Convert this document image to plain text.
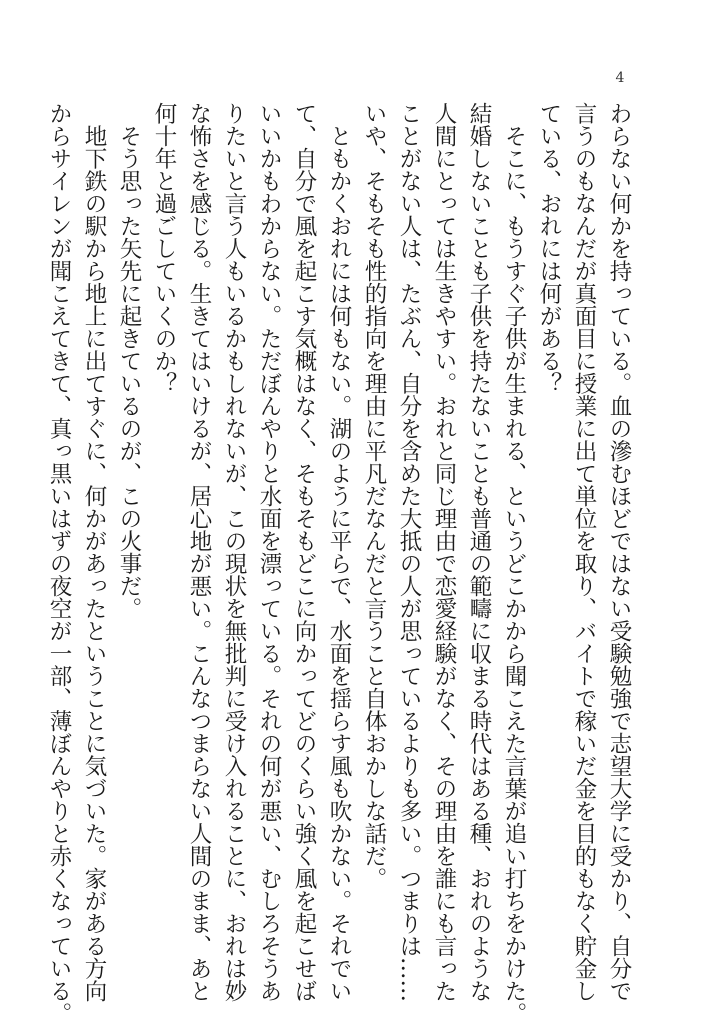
4
わらない何かを持っている。血の滲むほどではない受験勉強で志望大学に受かり、自分で
言うのもなんだが真面目に授業に出て単位を取り、バイトで稼いだ金を目的もなく貯金し
ている、おれには何がある？
　そこに、もうすぐ子供が生まれる、というどこかから聞こえた言葉が追い打ちをかけた。
結婚しないことも子供を持たないことも普通の範疇に収まる時代はある種、おれのような
人間にとっては生きやすい。おれと同じ理由で恋愛経験がなく、その理由を誰にも言った
ことがない人は、たぶん、自分を含めた大抵の人が思っているよりも多い。つまりは……
いや、そもそも性的指向を理由に平凡だなんだと言うこと自体おかしな話だ。
　ともかくおれには何もない。湖のように平らで、水面を揺らす風も吹かない。それでい
て、自分で風を起こす気概はなく、そもそもどこに向かってどのくらい強く風を起こせば
いいかもわからない。ただぼんやりと水面を漂っている。それの何が悪い、むしろそうあ
りたいと言う人もいるかもしれないが、この現状を無批判に受け入れることに、おれは妙
な怖さを感じる。生きてはいけるが、居心地が悪い。こんなつまらない人間のまま、あと
何十年と過ごしていくのか？
　そう思った矢先に起きているのが、この火事だ。
　地下鉄の駅から地上に出てすぐに、何かがあったということに気づいた。家がある方向
からサイレンが聞こえてきて、真っ黒いはずの夜空が一部、薄ぼんやりと赤くなっている。
